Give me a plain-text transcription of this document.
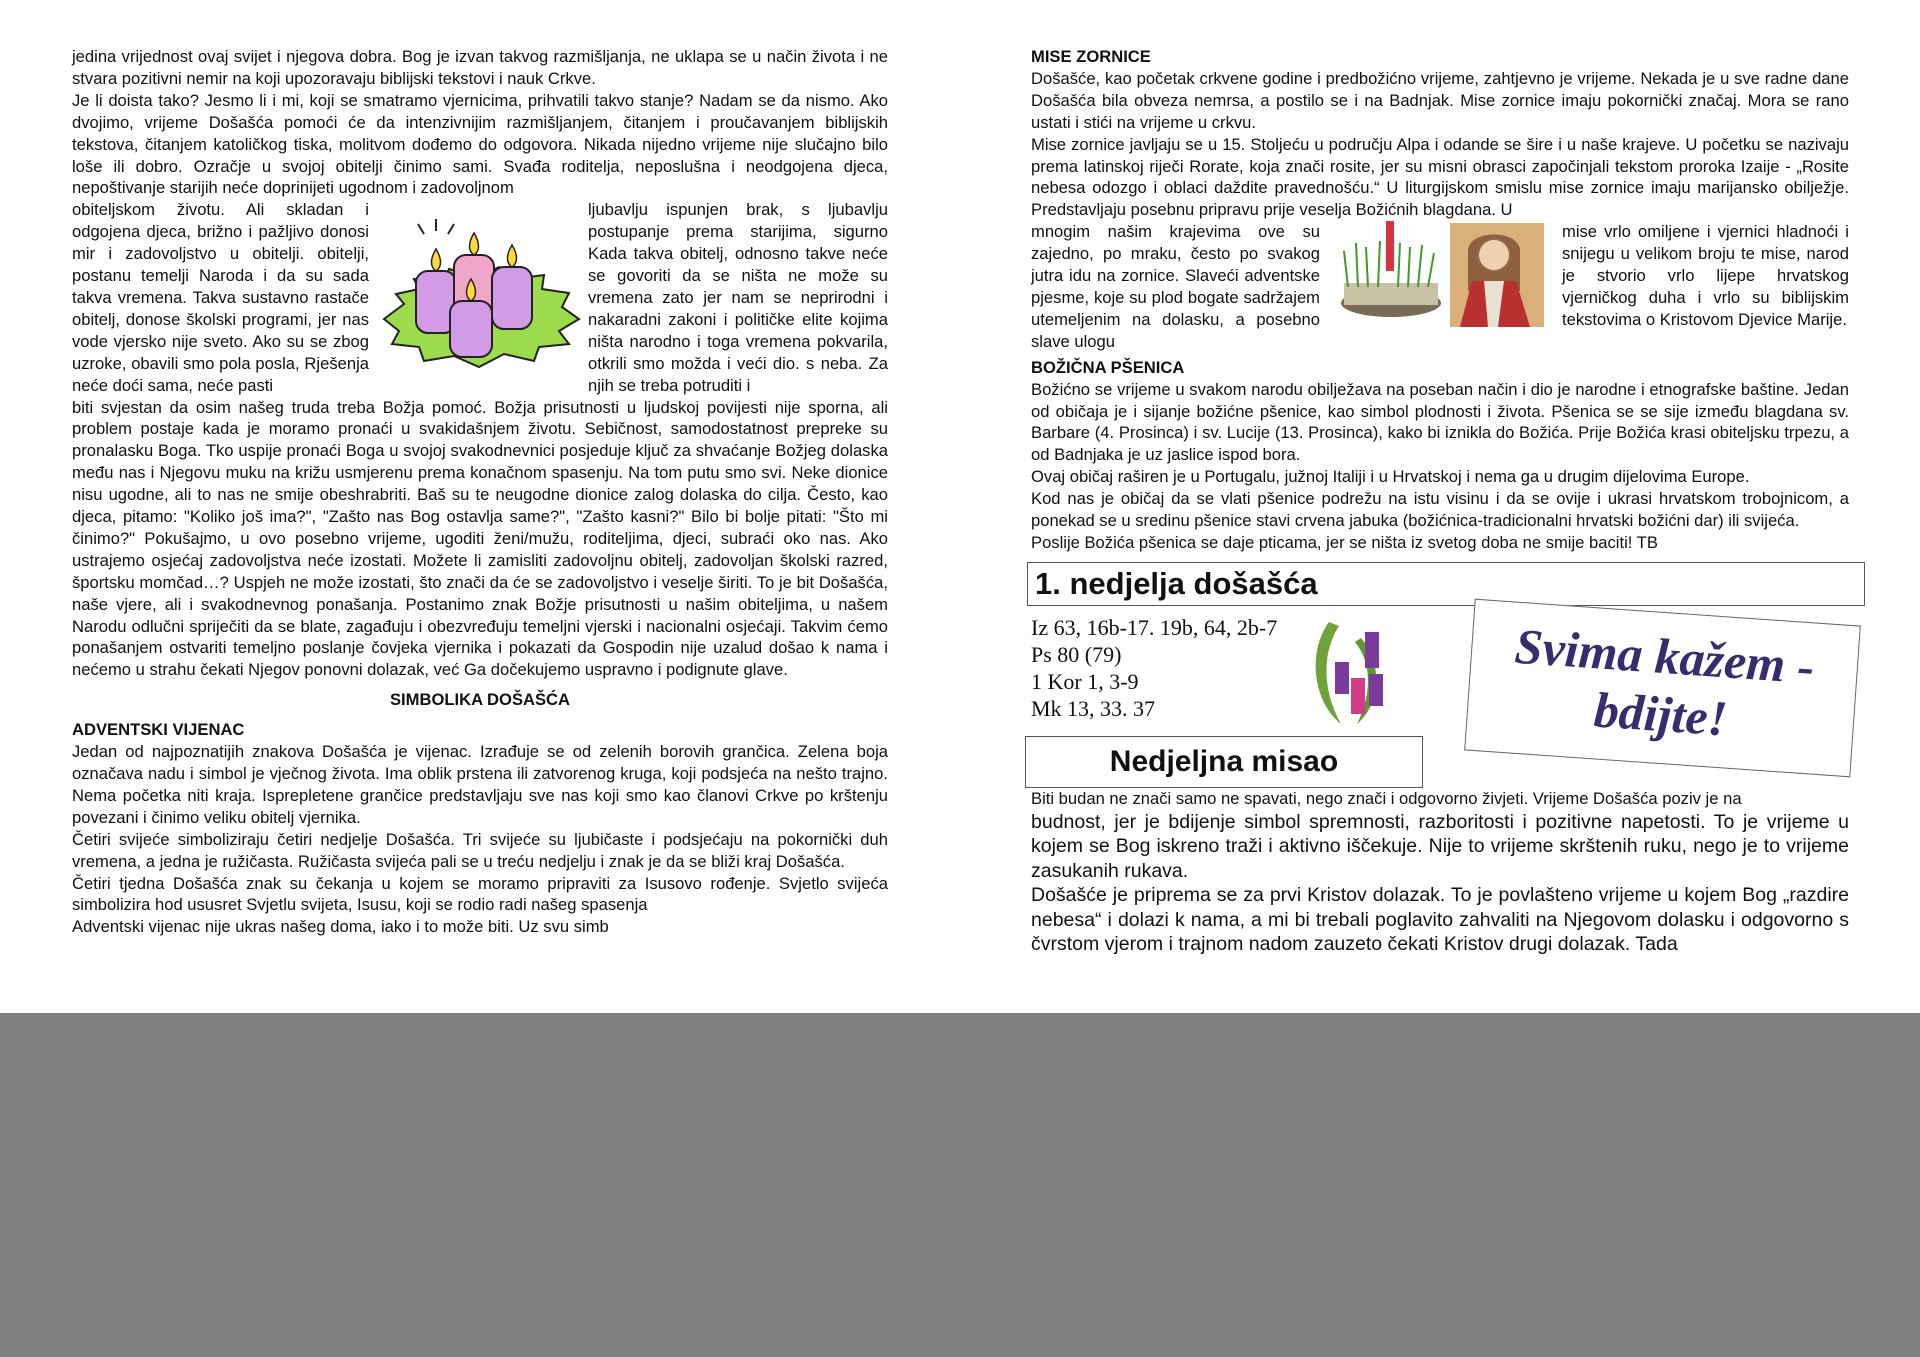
jedina vrijednost ovaj svijet i njegova dobra. Bog je izvan takvog razmišljanja, ne uklapa se u način života i ne stvara pozitivni nemir na koji upozoravaju biblijski tekstovi i nauk Crkve.

Je li doista tako? Jesmo li i mi, koji se smatramo vjernicima, prihvatili takvo stanje? Nadam se da nismo. Ako dvojimo, vrijeme Došašća pomoći će da intenzivnijim razmišljanjem, čitanjem i proučavanjem biblijskih tekstova, čitanjem katoličkog tiska, molitvom dođemo do odgovora. Nikada nijedno vrijeme nije slučajno bilo loše ili dobro. Ozračje u svojoj obitelji činimo sami. Svađa roditelja, neposlušna i neodgojena djeca, nepoštivanje starijih neće doprinijeti ugodnom i zadovoljnom

obiteljskom životu. Ali skladan i odgojena djeca, brižno i pažljivo donosi mir i zadovoljstvo u obitelji. obitelji, postanu temelji Naroda i da su sada takva vremena. Takva sustavno rastače obitelj, donose školski programi, jer nas vode vjersko nije sveto. Ako su se zbog uzroke, obavili smo pola posla, Rješenja neće doći sama, neće pasti

ljubavlju ispunjen brak, s ljubavlju postupanje prema starijima, sigurno Kada takva obitelj, odnosno takve neće se govoriti da se ništa ne može su vremena zato jer nam se neprirodni i nakaradni zakoni i političke elite kojima ništa narodno i toga vremena pokvarila, otkrili smo možda i veći dio. s neba. Za njih se treba potruditi i

biti svjestan da osim našeg truda treba Božja pomoć. Božja prisutnosti u ljudskoj povijesti nije sporna, ali problem postaje kada je moramo pronaći u svakidašnjem životu. Sebičnost, samodostatnost prepreke su pronalasku Boga. Tko uspije pronaći Boga u svojoj svakodnevnici posjeduje ključ za shvaćanje Božjeg dolaska među nas i Njegovu muku na križu usmjerenu prema konačnom spasenju. Na tom putu smo svi. Neke dionice nisu ugodne, ali to nas ne smije obeshrabriti. Baš su te neugodne dionice zalog dolaska do cilja. Često, kao djeca, pitamo: "Koliko još ima?", "Zašto nas Bog ostavlja same?", "Zašto kasni?" Bilo bi bolje pitati: "Što mi činimo?" Pokušajmo, u ovo posebno vrijeme, ugoditi ženi/mužu, roditeljima, djeci, subraći oko nas. Ako ustrajemo osjećaj zadovoljstva neće izostati. Možete li zamisliti zadovoljnu obitelj, zadovoljan školski razred, športsku momčad…? Uspjeh ne može izostati, što znači da će se zadovoljstvo i veselje širiti. To je bit Došašća, naše vjere, ali i svakodnevnog ponašanja. Postanimo znak Božje prisutnosti u našim obiteljima, u našem Narodu odlučni spriječiti da se blate, zagađuju i obezvređuju temeljni vjerski i nacionalni osjećaji. Takvim ćemo ponašanjem ostvariti temeljno poslanje čovjeka vjernika i pokazati da Gospodin nije uzalud došao k nama i nećemo u strahu čekati Njegov ponovni dolazak, već Ga dočekujemo uspravno i podignute glave.

SIMBOLIKA DOŠAŠĆA

ADVENTSKI VIJENAC

Jedan od najpoznatijih znakova Došašća je vijenac. Izrađuje se od zelenih borovih grančica. Zelena boja označava nadu i simbol je vječnog života. Ima oblik prstena ili zatvorenog kruga, koji podsjeća na nešto trajno. Nema početka niti kraja. Isprepletene grančice predstavljaju sve nas koji smo kao članovi Crkve po krštenju povezani i činimo veliku obitelj vjernika.

Četiri svijeće simboliziraju četiri nedjelje Došašća. Tri svijeće su ljubičaste i podsjećaju na pokornički duh vremena, a jedna je ružičasta. Ružičasta svijeća pali se u treću nedjelju i znak je da se bliži kraj Došašća.

Četiri tjedna Došašća znak su čekanja u kojem se moramo pripraviti za Isusovo rođenje. Svjetlo svijeća simbolizira hod ususret Svjetlu svijeta, Isusu, koji se rodio radi našeg spasenja

Adventski vijenac nije ukras našeg doma, iako i to može biti. Uz svu simb

MISE ZORNICE

Došašće, kao početak crkvene godine i predbožićno vrijeme, zahtjevno je vrijeme. Nekada je u sve radne dane Došašća bila obveza nemrsa, a postilo se i na Badnjak. Mise zornice imaju pokornički značaj. Mora se rano ustati i stići na vrijeme u crkvu.

Mise zornice javljaju se u 15. Stoljeću u području Alpa i odande se šire i u naše krajeve. U početku se nazivaju prema latinskoj riječi Rorate, koja znači rosite, jer su misni obrasci započinjali tekstom proroka Izaije - „Rosite nebesa odozgo i oblaci dažditе pravednošću.“ U liturgijskom smislu mise zornice imaju marijansko obilježje. Predstavljaju posebnu pripravu prije veselja Božićnih blagdana. U

mnogim našim krajevima ove su zajedno, po mraku, često po svakog jutra idu na zornice. Slaveći adventske pjesme, koje su plod bogate sadržajem utemeljenim na dolasku, a posebno slave ulogu

mise vrlo omiljene i vjernici hladnoći i snijegu u velikom broju te mise, narod je stvorio vrlo lijepe hrvatskog vjerničkog duha i vrlo su biblijskim tekstovima o Kristovom Djevice Marije.

BOŽIČNA PŠENICA

Božićno se vrijeme u svakom narodu obilježava na poseban način i dio je narodne i etnografske baštine. Jedan od običaja je i sijanje božićne pšenice, kao simbol plodnosti i života. Pšenica se se sije između blagdana sv. Barbare (4. Prosinca) i sv. Lucije (13. Prosinca), kako bi iznikla do Božića. Prije Božića krasi obiteljsku trpezu, a od Badnjaka je uz jaslice ispod bora.

Ovaj običaj raširen je u Portugalu, južnoj Italiji i u Hrvatskoj i nema ga u drugim dijelovima Europe.

Kod nas je običaj da se vlati pšenice podrežu na istu visinu i da se ovije i ukrasi hrvatskom trobojnicom, a ponekad se u sredinu pšenice stavi crvena jabuka (božićnica-tradicionalni hrvatski božićni dar) ili svijeća.

Poslije Božića pšenica se daje pticama, jer se ništa iz svetog doba ne smije baciti! TB

1. nedjelja došašća
Iz 63, 16b-17. 19b, 64, 2b-7
Ps 80 (79)
1 Kor 1, 3-9
Mk 13, 33. 37
Svima kažem -
bdijte!
Nedjeljna misao

Biti budan ne znači samo ne spavati, nego znači i odgovorno živjeti. Vrijeme Došašća poziv je na

budnost, jer je bdijenje simbol spremnosti, razboritosti i pozitivne napetosti. To je vrijeme u kojem se Bog iskreno traži i aktivno iščekuje. Nije to vrijeme skrštenih ruku, nego je to vrijeme zasukanih rukava.

Došašće je priprema se za prvi Kristov dolazak. To je povlašteno vrijeme u kojem Bog „razdire nebesa“ i dolazi k nama, a mi bi trebali poglavito zahvaliti na Njegovom dolasku i odgovorno s čvrstom vjerom i trajnom nadom zauzeto čekati Kristov drugi dolazak. Tada
